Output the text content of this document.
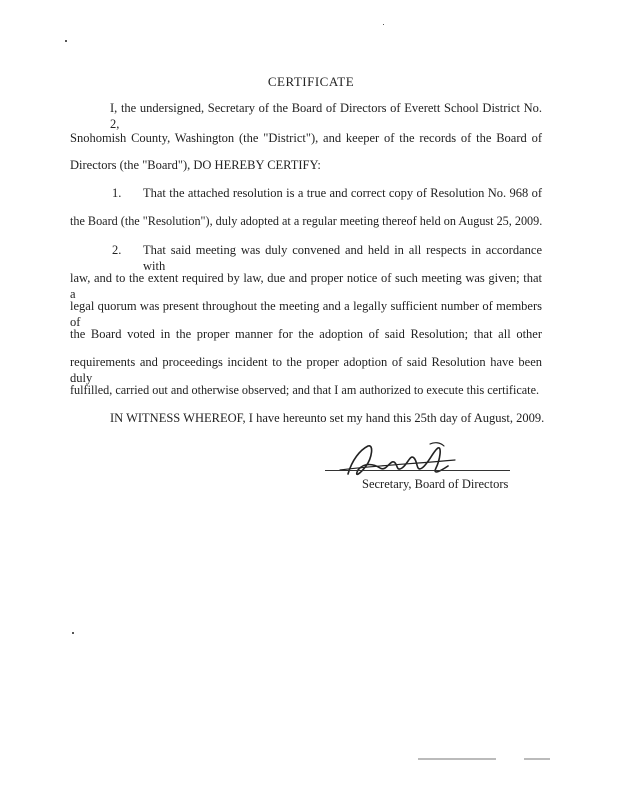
CERTIFICATE
I, the undersigned, Secretary of the Board of Directors of Everett School District No. 2,
Snohomish County, Washington (the "District"), and keeper of the records of the Board of
Directors (the "Board"), DO HEREBY CERTIFY:
1. That the attached resolution is a true and correct copy of Resolution No. 968 of
the Board (the "Resolution"), duly adopted at a regular meeting thereof held on August 25, 2009.
2. That said meeting was duly convened and held in all respects in accordance with
law, and to the extent required by law, due and proper notice of such meeting was given; that a
legal quorum was present throughout the meeting and a legally sufficient number of members of
the Board voted in the proper manner for the adoption of said Resolution; that all other
requirements and proceedings incident to the proper adoption of said Resolution have been duly
fulfilled, carried out and otherwise observed; and that I am authorized to execute this certificate.
IN WITNESS WHEREOF, I have hereunto set my hand this 25th day of August, 2009.
Secretary, Board of Directors
